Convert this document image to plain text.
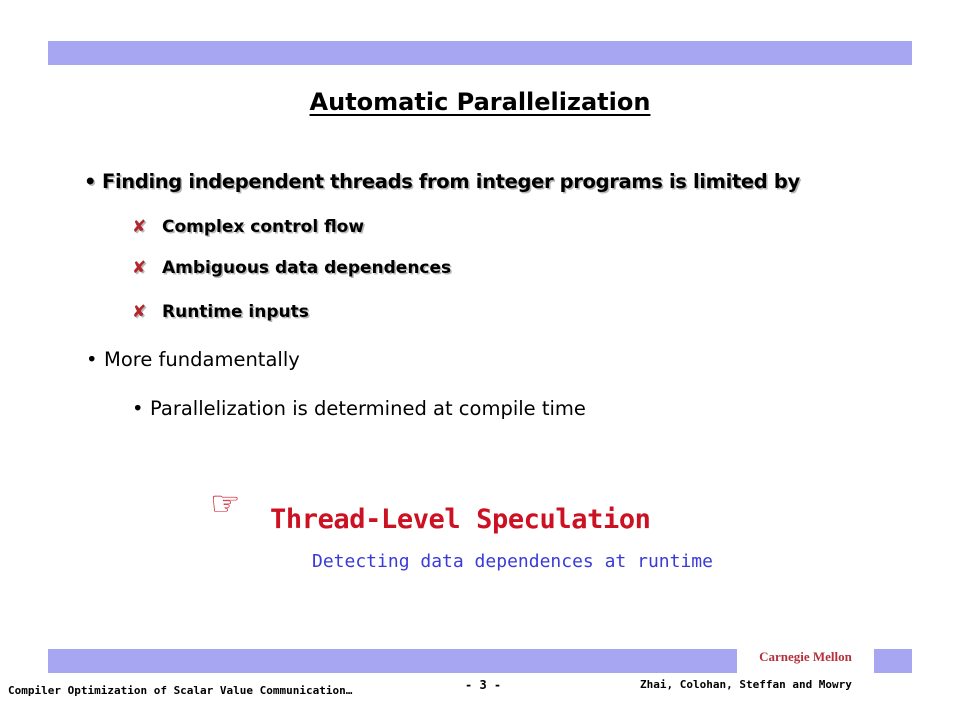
Automatic Parallelization
• Finding independent threads from integer programs is limited by
✘ Complex control flow
✘ Ambiguous data dependences
✘ Runtime inputs
• More fundamentally
• Parallelization is determined at compile time
☞	Thread-Level Speculation
Detecting data dependences at runtime
Carnegie Mellon
Compiler Optimization of Scalar Value Communication…	- 3 -	Zhai, Colohan, Steffan and Mowry
